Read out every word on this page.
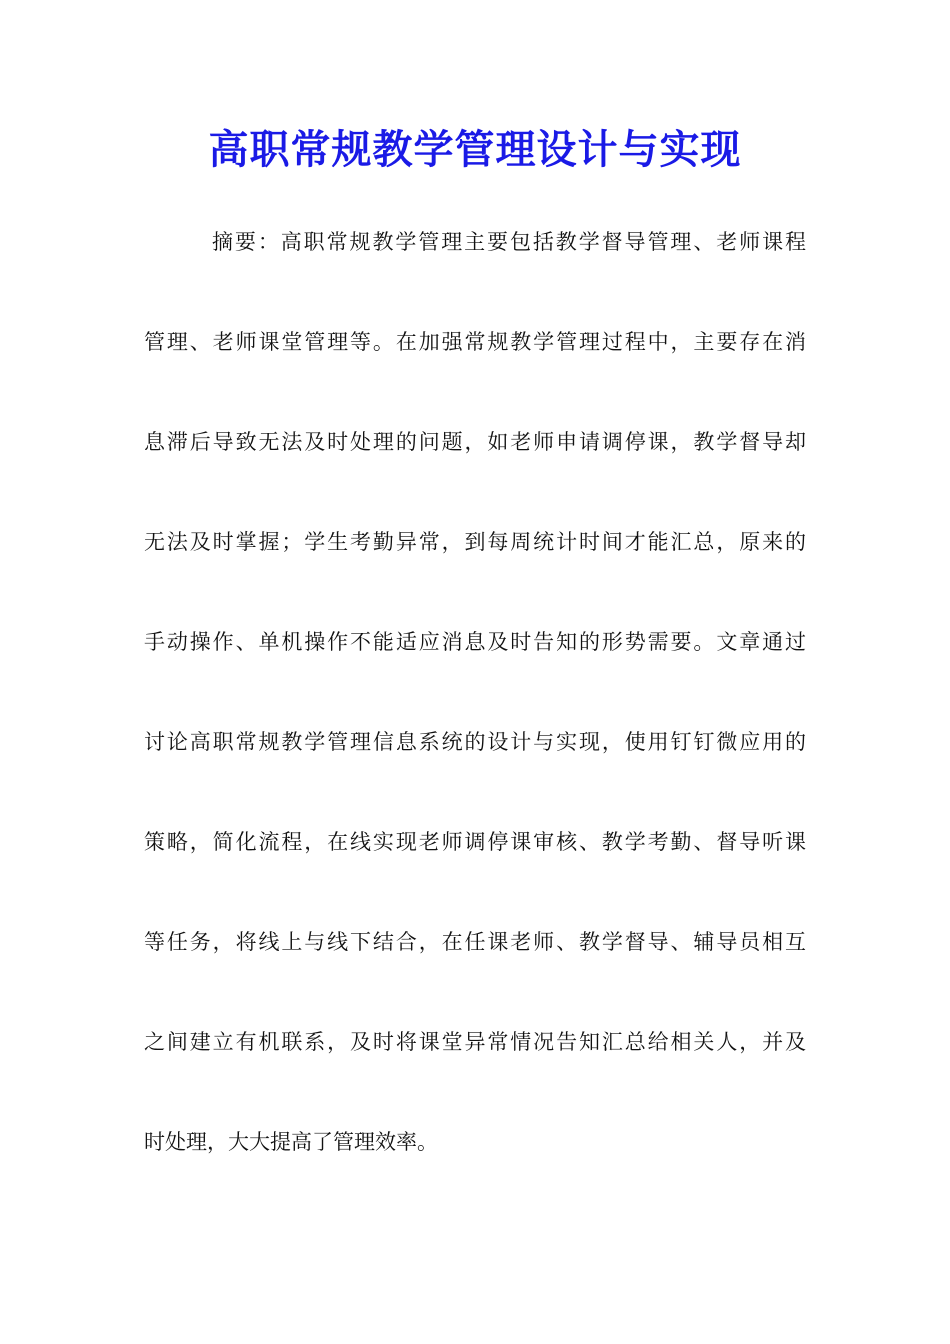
高职常规教学管理设计与实现
摘要：高职常规教学管理主要包括教学督导管理、老师课程
管理、老师课堂管理等。在加强常规教学管理过程中，主要存在消
息滞后导致无法及时处理的问题，如老师申请调停课，教学督导却
无法及时掌握；学生考勤异常，到每周统计时间才能汇总，原来的
手动操作、单机操作不能适应消息及时告知的形势需要。文章通过
讨论高职常规教学管理信息系统的设计与实现，使用钉钉微应用的
策略，简化流程，在线实现老师调停课审核、教学考勤、督导听课
等任务，将线上与线下结合，在任课老师、教学督导、辅导员相互
之间建立有机联系，及时将课堂异常情况告知汇总给相关人，并及
时处理，大大提高了管理效率。
